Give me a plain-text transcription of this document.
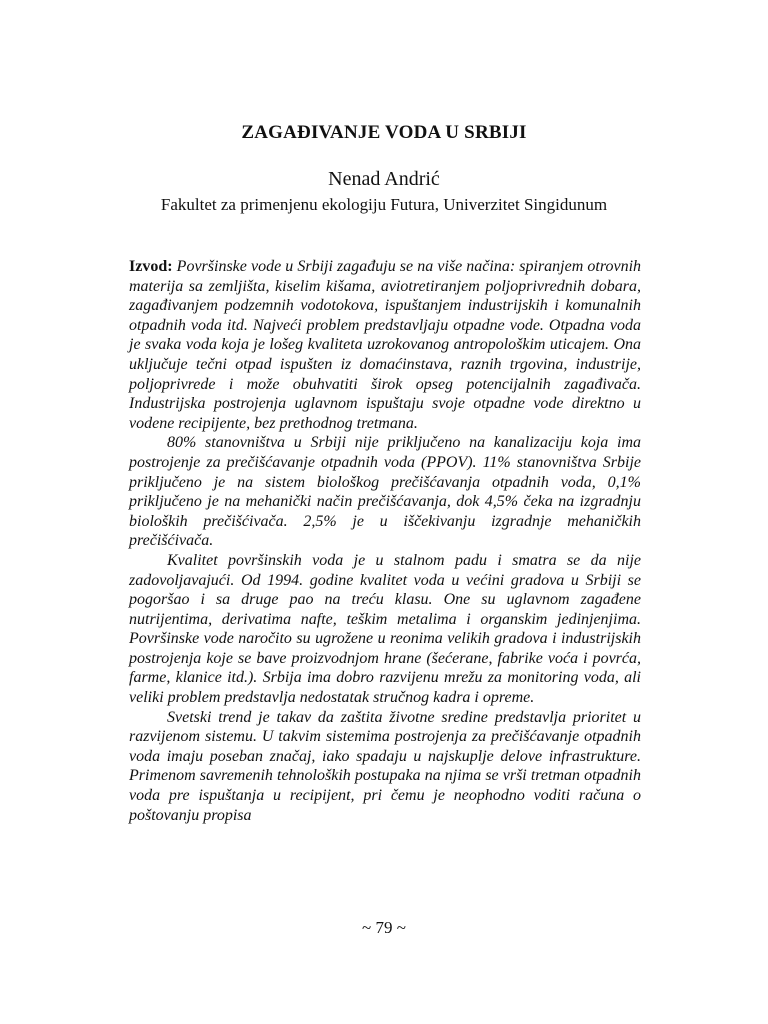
ZAGAĐIVANJE VODA U SRBIJI
Nenad Andrić
Fakultet za primenjenu ekologiju Futura, Univerzitet Singidunum

Izvod: Površinske vode u Srbiji zagađuju se na više načina: spiranjem otrovnih materija sa zemljišta, kiselim kišama, aviotretiranjem poljoprivrednih dobara, zagađivanjem podzemnih vodotokova, ispuštanjem industrijskih i komunalnih otpadnih voda itd. Najveći problem predstavljaju otpadne vode. Otpadna voda je svaka voda koja je lošeg kvaliteta uzrokovanog antropološkim uticajem. Ona uključuje tečni otpad ispušten iz domaćinstava, raznih trgovina, industrije, poljoprivrede i može obuhvatiti širok opseg potencijalnih zagađivača. Industrijska postrojenja uglavnom ispuštaju svoje otpadne vode direktno u vodene recipijente, bez prethodnog tretmana.

80% stanovništva u Srbiji nije priključeno na kanalizaciju koja ima postrojenje za prečišćavanje otpadnih voda (PPOV). 11% stanovništva Srbije priključeno je na sistem biološkog prečišćavanja otpadnih voda, 0,1% priključeno je na mehanički način prečišćavanja, dok 4,5% čeka na izgradnju bioloških prečišćivača. 2,5% je u iščekivanju izgradnje mehaničkih prečišćivača.

Kvalitet površinskih voda je u stalnom padu i smatra se da nije zadovoljavajući. Od 1994. godine kvalitet voda u većini gradova u Srbiji se pogoršao i sa druge pao na treću klasu. One su uglavnom zagađene nutrijentima, derivatima nafte, teškim metalima i organskim jedinjenjima. Površinske vode naročito su ugrožene u reonima velikih gradova i industrijskih postrojenja koje se bave proizvodnjom hrane (šećerane, fabrike voća i povrća, farme, klanice itd.). Srbija ima dobro razvijenu mrežu za monitoring voda, ali veliki problem predstavlja nedostatak stručnog kadra i opreme.

Svetski trend je takav da zaštita životne sredine predstavlja prioritet u razvijenom sistemu. U takvim sistemima postrojenja za prečišćavanje otpadnih voda imaju poseban značaj, iako spadaju u najskuplje delove infrastrukture. Primenom savremenih tehnoloških postupaka na njima se vrši tretman otpadnih voda pre ispuštanja u recipijent, pri čemu je neophodno voditi računa o poštovanju propisa

~ 79 ~
